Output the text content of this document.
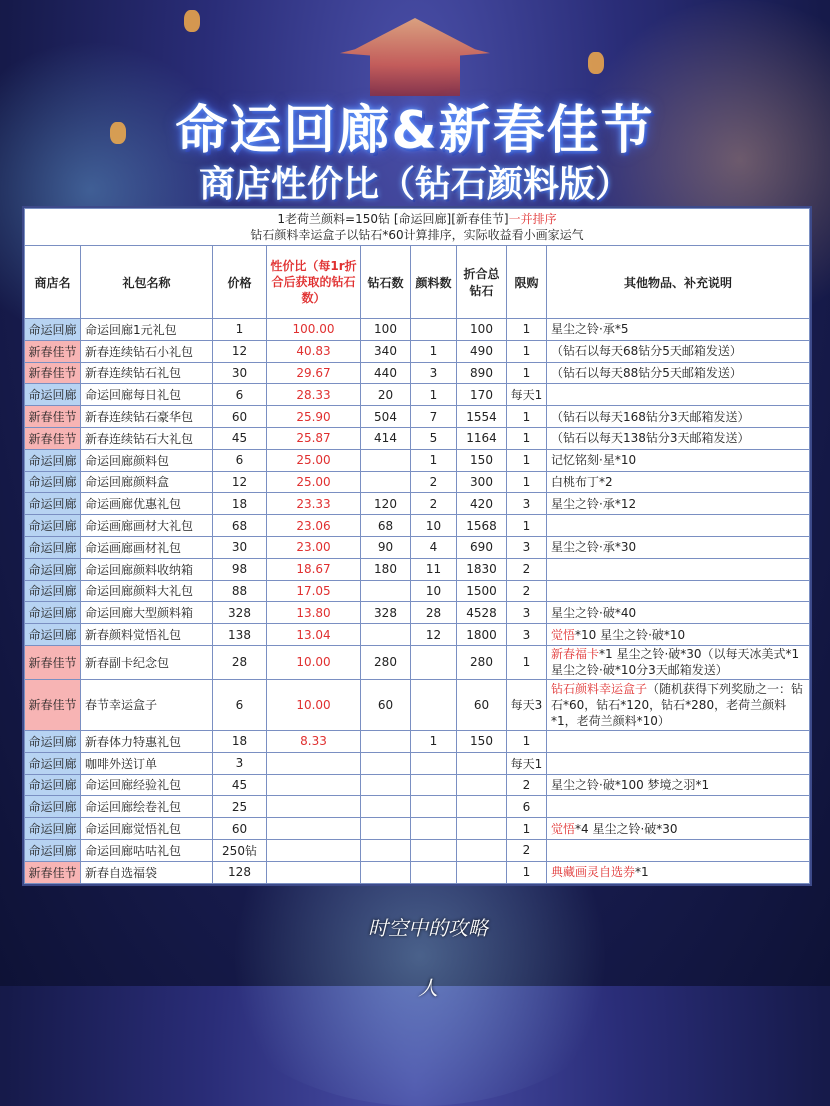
命运回廊&新春佳节
商店性价比（钻石颜料版）
1老荷兰颜料=150钻 [命运回廊][新春佳节]一并排序
钻石颜料幸运盒子以钻石*60计算排序，实际收益看小画家运气								
商店名	礼包名称	价格	性价比（每1r折合后获取的钻石数）	钻石数	颜料数	折合总钻石	限购	其他物品、补充说明
命运回廊	命运回廊1元礼包	1	100.00	100		100	1	星尘之铃·承*5
新春佳节	新春连续钻石小礼包	12	40.83	340	1	490	1	（钻石以每天68钻分5天邮箱发送）
新春佳节	新春连续钻石礼包	30	29.67	440	3	890	1	（钻石以每天88钻分5天邮箱发送）
命运回廊	命运回廊每日礼包	6	28.33	20	1	170	每天1	
新春佳节	新春连续钻石豪华包	60	25.90	504	7	1554	1	（钻石以每天168钻分3天邮箱发送）
新春佳节	新春连续钻石大礼包	45	25.87	414	5	1164	1	（钻石以每天138钻分3天邮箱发送）
命运回廊	命运回廊颜料包	6	25.00		1	150	1	记忆铭刻·星*10
命运回廊	命运回廊颜料盒	12	25.00		2	300	1	白桃布丁*2
命运回廊	命运画廊优惠礼包	18	23.33	120	2	420	3	星尘之铃·承*12
命运回廊	命运画廊画材大礼包	68	23.06	68	10	1568	1	
命运回廊	命运画廊画材礼包	30	23.00	90	4	690	3	星尘之铃·承*30
命运回廊	命运回廊颜料收纳箱	98	18.67	180	11	1830	2	
命运回廊	命运回廊颜料大礼包	88	17.05		10	1500	2	
命运回廊	命运回廊大型颜料箱	328	13.80	328	28	4528	3	星尘之铃·破*40
命运回廊	新春颜料觉悟礼包	138	13.04		12	1800	3	觉悟*10 星尘之铃·破*10
新春佳节	新春副卡纪念包	28	10.00	280		280	1	新春福卡*1 星尘之铃·破*30（以每天冰美式*1 星尘之铃·破*10分3天邮箱发送）
新春佳节	春节幸运盒子	6	10.00	60		60	每天3	钻石颜料幸运盒子（随机获得下列奖励之一：钻石*60，钻石*120，钻石*280，老荷兰颜料*1，老荷兰颜料*10）
命运回廊	新春体力特惠礼包	18	8.33		1	150	1	
命运回廊	咖啡外送订单	3					每天1	
命运回廊	命运回廊经验礼包	45					2	星尘之铃·破*100 梦境之羽*1
命运回廊	命运回廊绘卷礼包	25					6	
命运回廊	命运回廊觉悟礼包	60					1	觉悟*4 星尘之铃·破*30
命运回廊	命运回廊咕咕礼包	250钻					2	
新春佳节	新春自选福袋	128					1	典藏画灵自选券*1
时空中的攻略人
